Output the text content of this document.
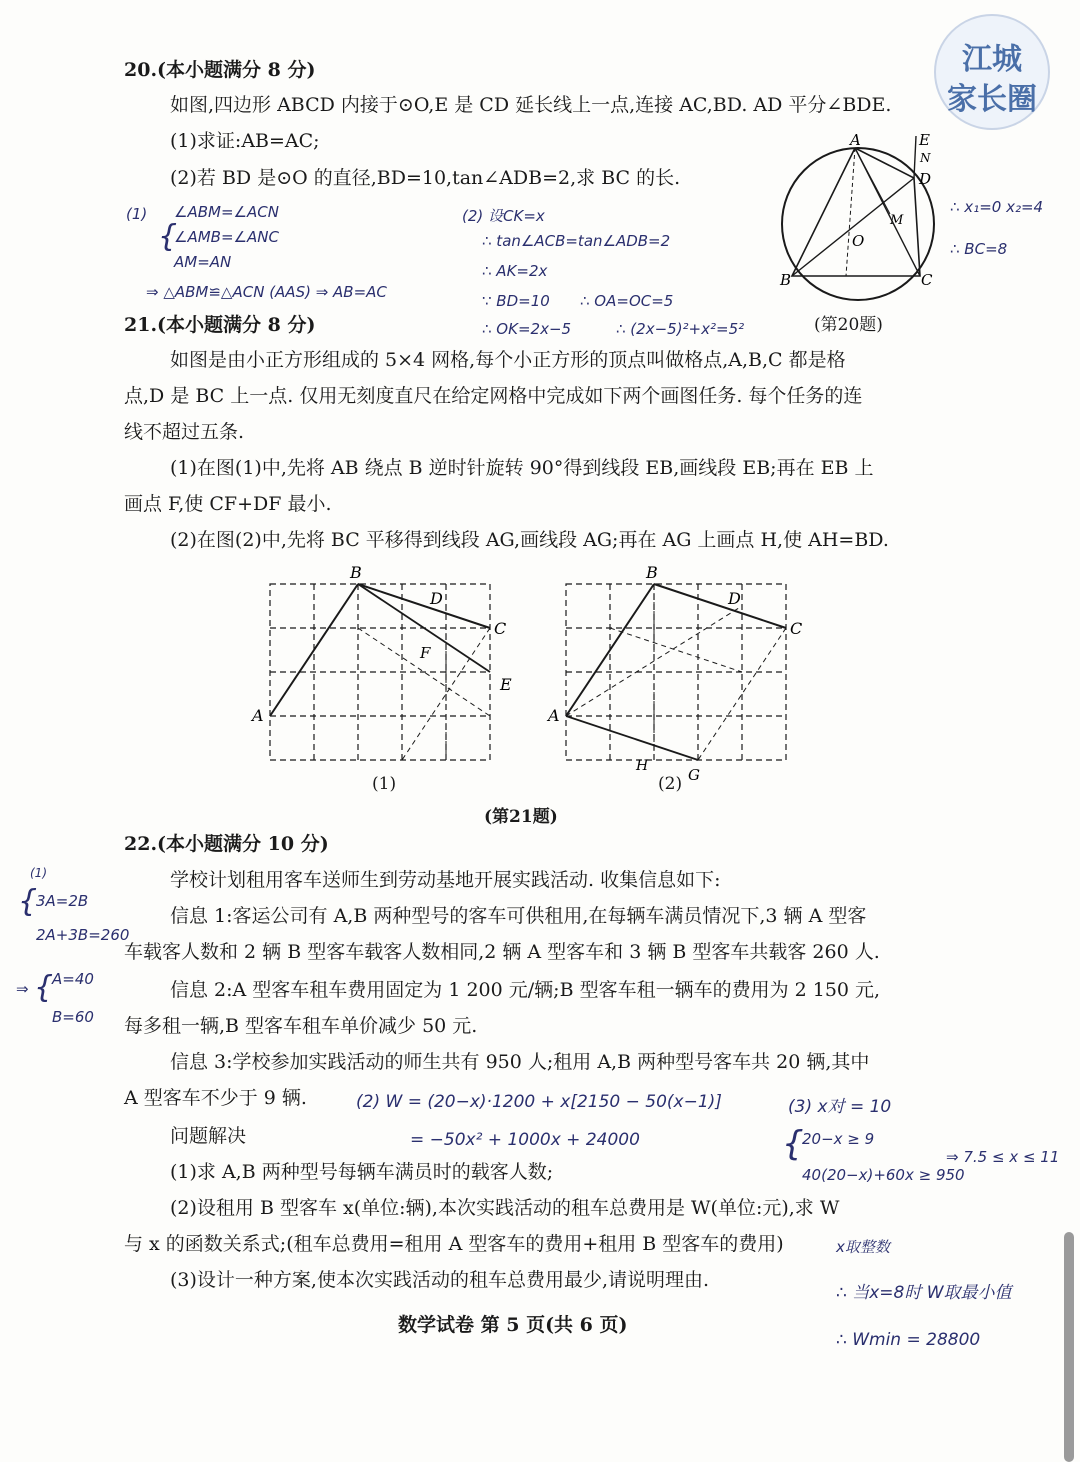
江城
家长圈
20.(本小题满分 8 分)
如图,四边形 ABCD 内接于⊙O,E 是 CD 延长线上一点,连接 AC,BD. AD 平分∠BDE.
(1)求证:AB=AC;
(2)若 BD 是⊙O 的直径,BD=10,tan∠ADB=2,求 BC 的长.
(1)
{
∠ABM=∠ACN
∠AMB=∠ANC
AM=AN
⇒ △ABM≌△ACN (AAS) ⇒ AB=AC
(2) 设CK=x
∴ tan∠ACB=tan∠ADB=2
∴ AK=2x
∵ BD=10 ∴ OA=OC=5
∴ OK=2x−5	∴ (2x−5)²+x²=5²
∴ x₁=0 x₂=4
∴ BC=8
A
B	C
D
E
O
M
N
(第20题)
21.(本小题满分 8 分)
如图是由小正方形组成的 5×4 网格,每个小正方形的顶点叫做格点,A,B,C 都是格
点,D 是 BC 上一点. 仅用无刻度直尺在给定网格中完成如下两个画图任务. 每个任务的连
线不超过五条.
(1)在图(1)中,先将 AB 绕点 B 逆时针旋转 90°得到线段 EB,画线段 EB;再在 EB 上
画点 F,使 CF+DF 最小.
(2)在图(2)中,先将 BC 平移得到线段 AG,画线段 AG;再在 AG 上画点 H,使 AH=BD.
A
B
C
D
E
F
(1)
A
B
C
D
G
H
(2)
(第21题)
22.(本小题满分 10 分)
学校计划租用客车送师生到劳动基地开展实践活动. 收集信息如下:
信息 1:客运公司有 A,B 两种型号的客车可供租用,在每辆车满员情况下,3 辆 A 型客
车载客人数和 2 辆 B 型客车载客人数相同,2 辆 A 型客车和 3 辆 B 型客车共载客 260 人.
信息 2:A 型客车租车费用固定为 1 200 元/辆;B 型客车租一辆车的费用为 2 150 元,
每多租一辆,B 型客车租车单价减少 50 元.
信息 3:学校参加实践活动的师生共有 950 人;租用 A,B 两种型号客车共 20 辆,其中
A 型客车不少于 9 辆.
问题解决
(1)求 A,B 两种型号每辆车满员时的载客人数;
(2)设租用 B 型客车 x(单位:辆),本次实践活动的租车总费用是 W(单位:元),求 W
与 x 的函数关系式;(租车总费用=租用 A 型客车的费用+租用 B 型客车的费用)
(3)设计一种方案,使本次实践活动的租车总费用最少,请说明理由.
(1)
{
3A=2B
2A+3B=260
⇒ {
A=40
B=60
(2) W = (20−x)·1200 + x[2150 − 50(x−1)]
= −50x² + 1000x + 24000
(3) x对 = 10
{
20−x ≥ 9
40(20−x)+60x ≥ 950
⇒ 7.5 ≤ x ≤ 11
x取整数
∴ 当x=8时 W取最小值
∴ Wmin = 28800
数学试卷 第 5 页(共 6 页)
